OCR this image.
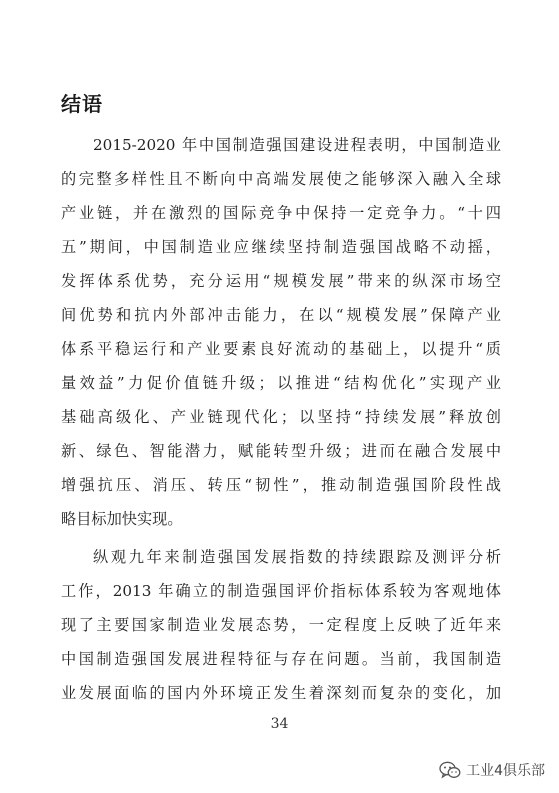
结语
2015-2020 年中国制造强国建设进程表明，中国制造业
的完整多样性且不断向中高端发展使之能够深入融入全球
产业链，并在激烈的国际竞争中保持一定竞争力。“十四
五”期间，中国制造业应继续坚持制造强国战略不动摇，
发挥体系优势，充分运用“规模发展”带来的纵深市场空
间优势和抗内外部冲击能力，在以“规模发展”保障产业
体系平稳运行和产业要素良好流动的基础上，以提升“质
量效益”力促价值链升级；以推进“结构优化”实现产业
基础高级化、产业链现代化；以坚持“持续发展”释放创
新、绿色、智能潜力，赋能转型升级；进而在融合发展中
增强抗压、消压、转压“韧性”，推动制造强国阶段性战
略目标加快实现。
纵观九年来制造强国发展指数的持续跟踪及测评分析
工作，2013 年确立的制造强国评价指标体系较为客观地体
现了主要国家制造业发展态势，一定程度上反映了近年来
中国制造强国发展进程特征与存在问题。当前，我国制造
业发展面临的国内外环境正发生着深刻而复杂的变化，加
34
工业4俱乐部
